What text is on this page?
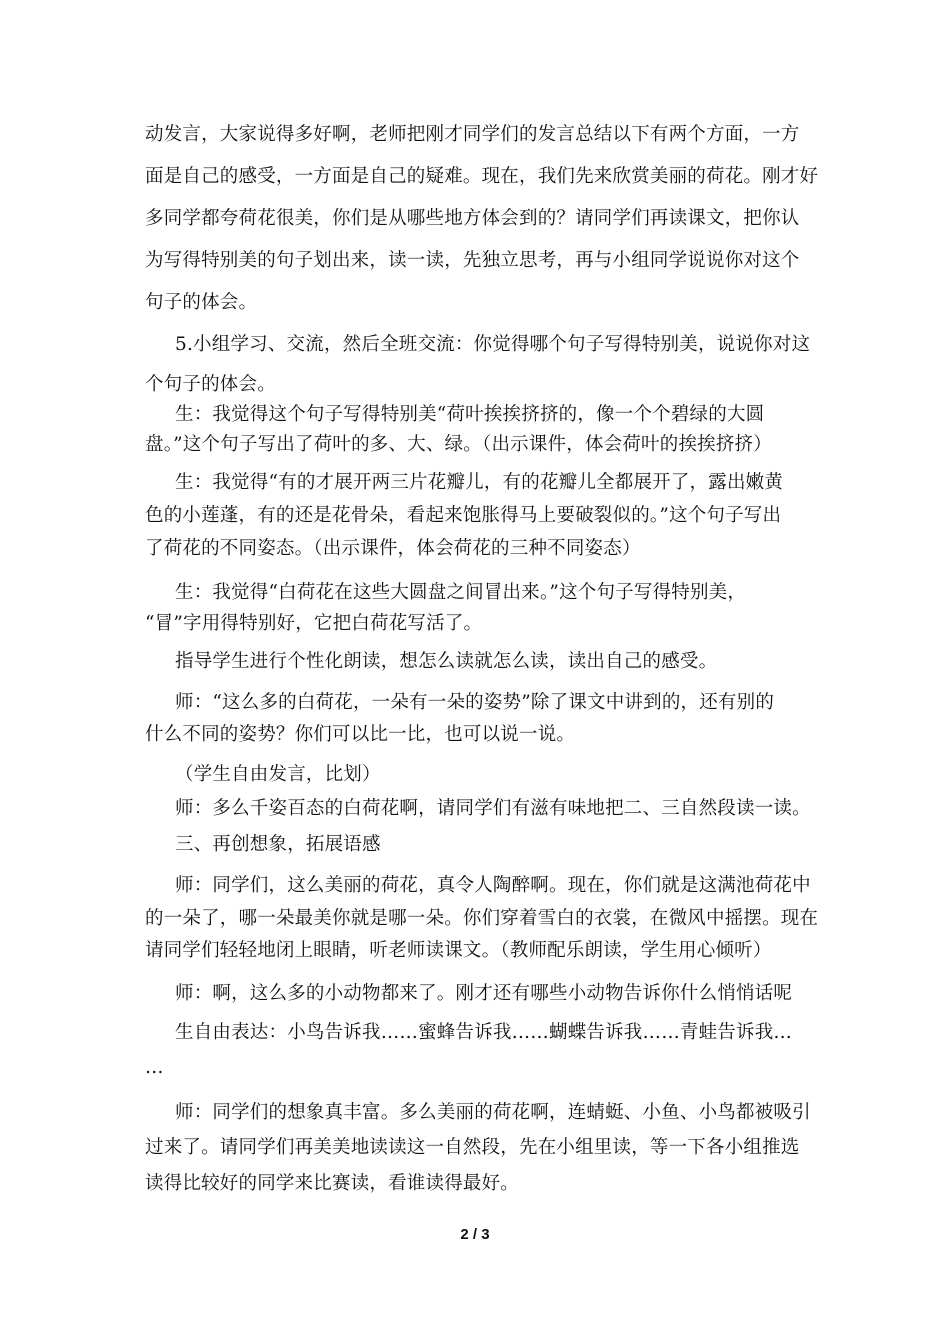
动发言，大家说得多好啊，老师把刚才同学们的发言总结以下有两个方面，一方
面是自己的感受，一方面是自己的疑难。现在，我们先来欣赏美丽的荷花。刚才好
多同学都夸荷花很美，你们是从哪些地方体会到的？请同学们再读课文，把你认
为写得特别美的句子划出来，读一读，先独立思考，再与小组同学说说你对这个
句子的体会。
5.小组学习、交流，然后全班交流：你觉得哪个句子写得特别美，说说你对这
个句子的体会。
生：我觉得这个句子写得特别美“荷叶挨挨挤挤的，像一个个碧绿的大圆
盘。”这个句子写出了荷叶的多、大、绿。（出示课件，体会荷叶的挨挨挤挤）
生：我觉得“有的才展开两三片花瓣儿，有的花瓣儿全都展开了，露出嫩黄
色的小莲蓬，有的还是花骨朵，看起来饱胀得马上要破裂似的。”这个句子写出
了荷花的不同姿态。（出示课件，体会荷花的三种不同姿态）
生：我觉得“白荷花在这些大圆盘之间冒出来。”这个句子写得特别美，
“冒”字用得特别好，它把白荷花写活了。
指导学生进行个性化朗读，想怎么读就怎么读，读出自己的感受。
师：“这么多的白荷花，一朵有一朵的姿势”除了课文中讲到的，还有别的
什么不同的姿势？你们可以比一比，也可以说一说。
（学生自由发言，比划）
师：多么千姿百态的白荷花啊，请同学们有滋有味地把二、三自然段读一读。
三、再创想象，拓展语感
师：同学们，这么美丽的荷花，真令人陶醉啊。现在，你们就是这满池荷花中
的一朵了，哪一朵最美你就是哪一朵。你们穿着雪白的衣裳，在微风中摇摆。现在
请同学们轻轻地闭上眼睛，听老师读课文。（教师配乐朗读，学生用心倾听）
师：啊，这么多的小动物都来了。刚才还有哪些小动物告诉你什么悄悄话呢
生自由表达：小鸟告诉我……蜜蜂告诉我……蝴蝶告诉我……青蛙告诉我…
…
师：同学们的想象真丰富。多么美丽的荷花啊，连蜻蜓、小鱼、小鸟都被吸引
过来了。请同学们再美美地读读这一自然段，先在小组里读，等一下各小组推选
读得比较好的同学来比赛读，看谁读得最好。
2 / 3
